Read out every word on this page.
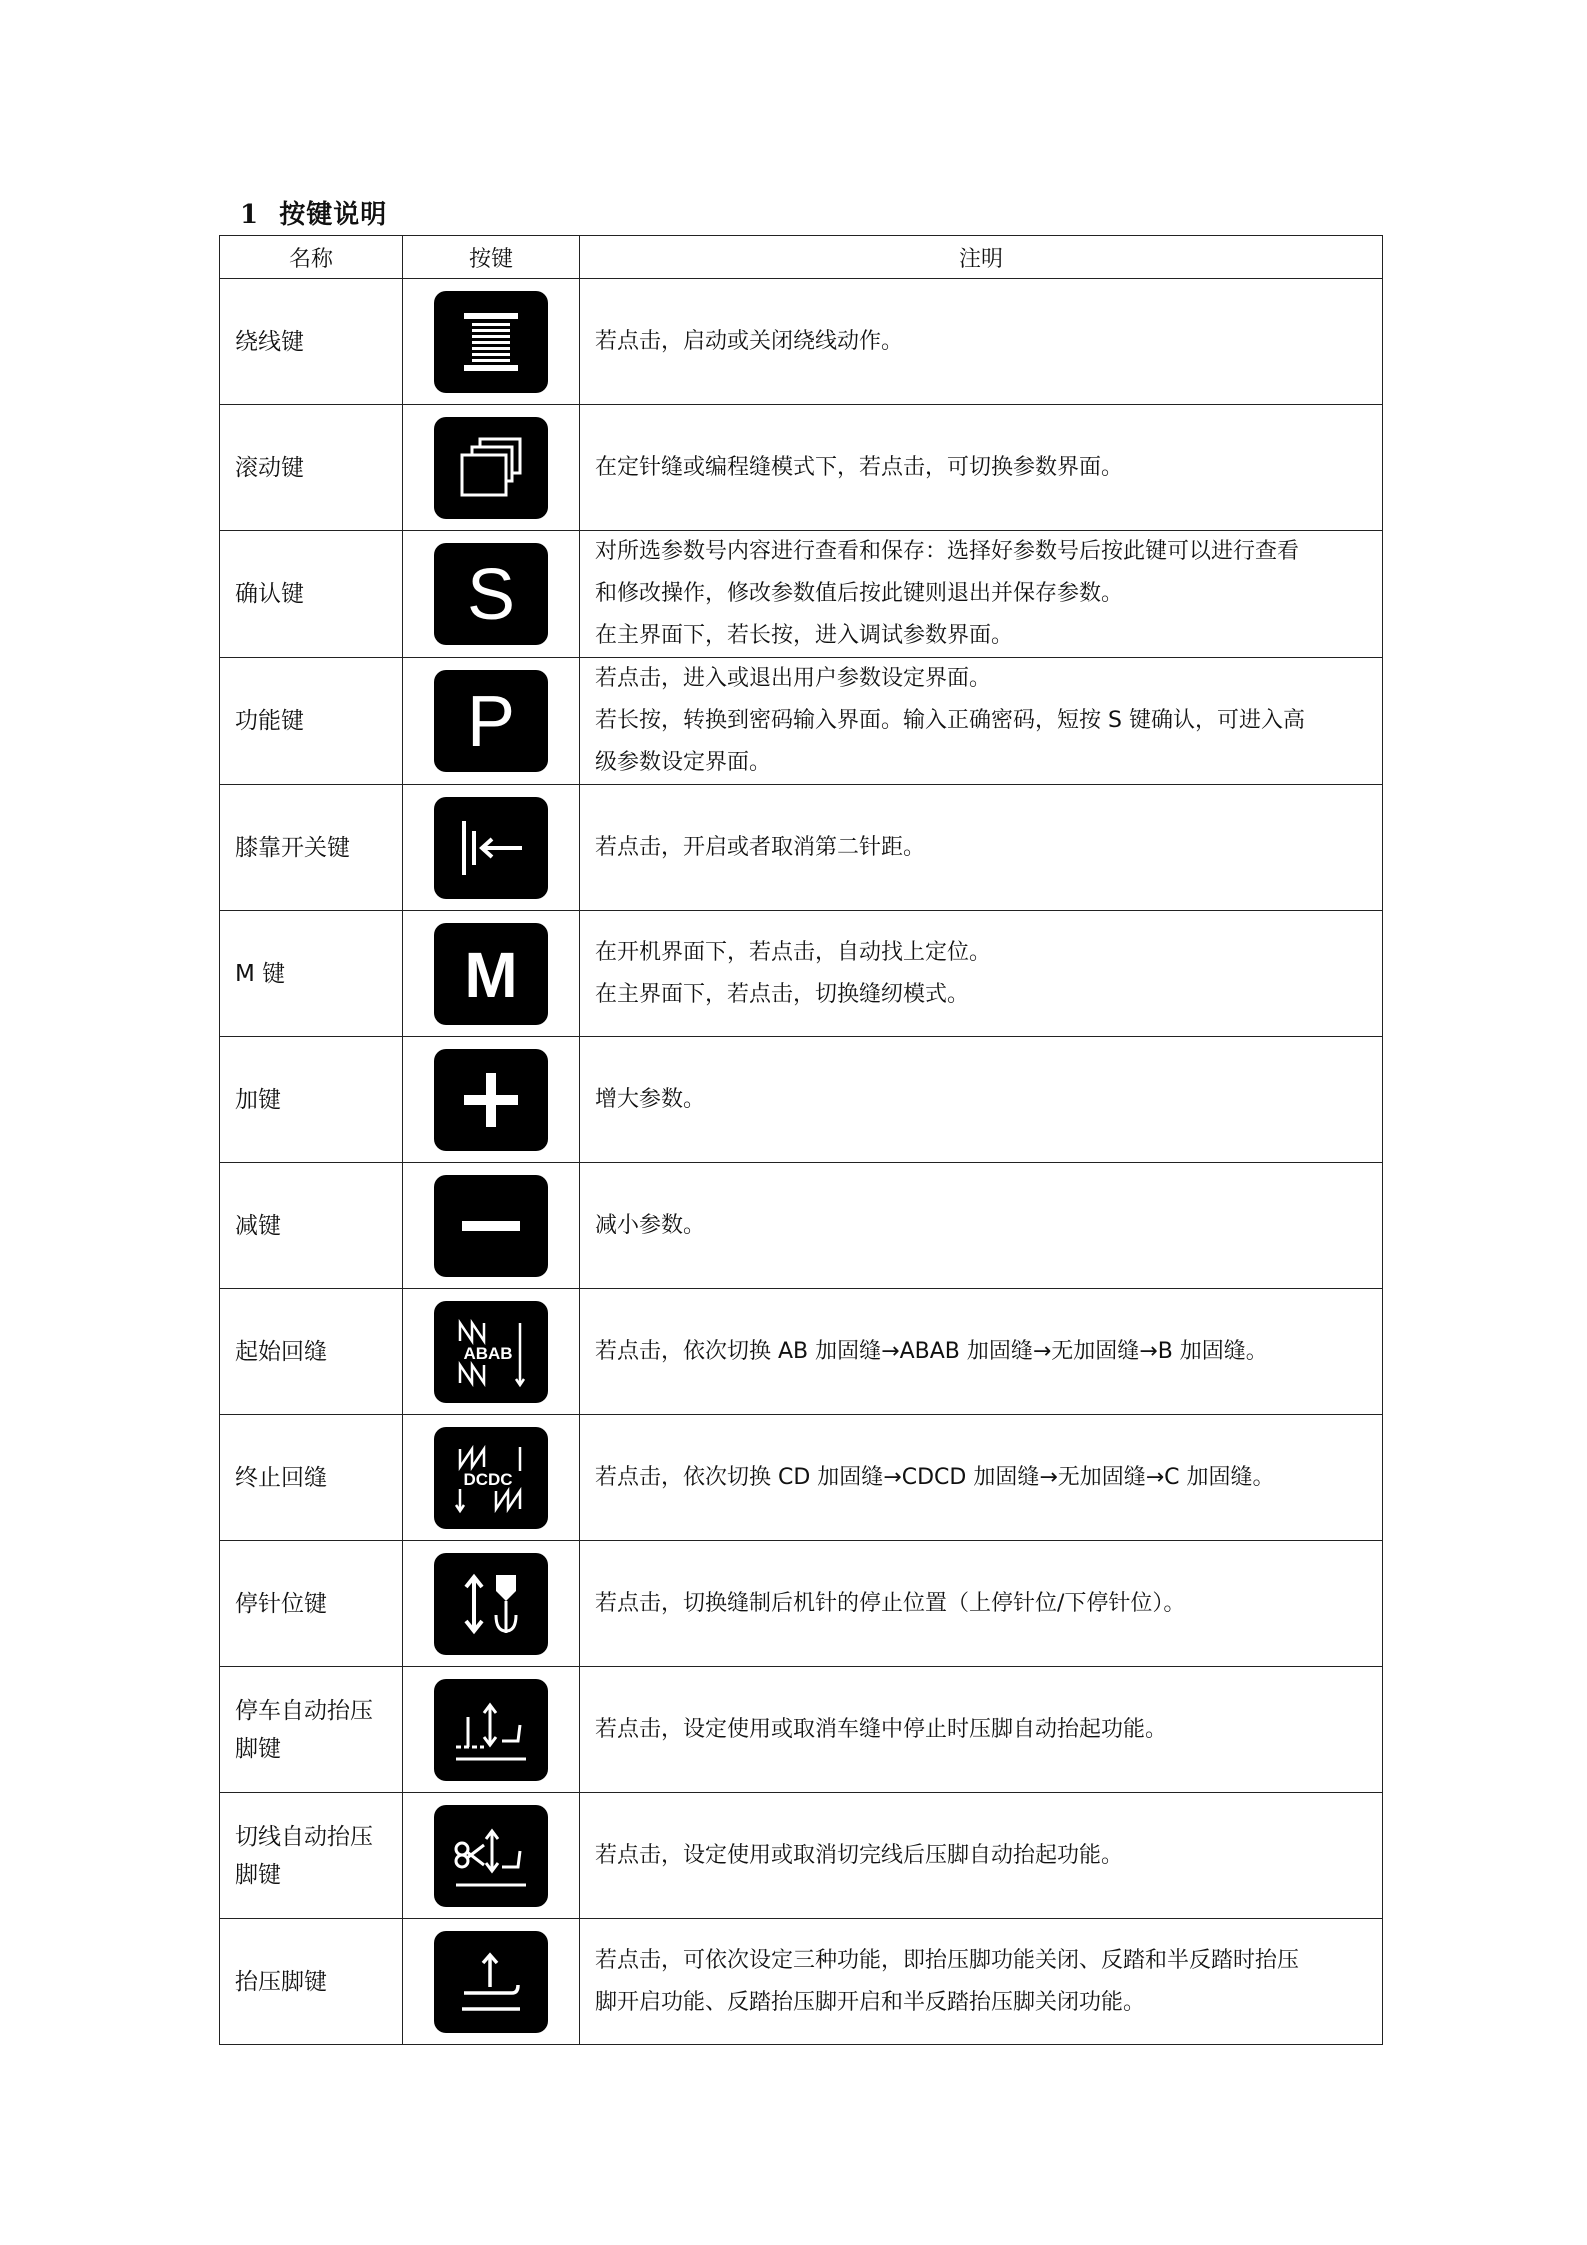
1 按键说明
名称	按键	注明
绕线键		若点击，启动或关闭绕线动作。

滚动键		在定针缝或编程缝模式下，若点击，可切换参数界面。

确认键	S	对所选参数号内容进行查看和保存：选择好参数号后按此键可以进行查看
和修改操作，修改参数值后按此键则退出并保存参数。
在主界面下，若长按，进入调试参数界面。

功能键	P	若点击，进入或退出用户参数设定界面。
若长按，转换到密码输入界面。输入正确密码，短按 S 键确认，可进入高
级参数设定界面。

膝靠开关键		若点击，开启或者取消第二针距。

M 键	M	在开机界面下，若点击，自动找上定位。
在主界面下，若点击，切换缝纫模式。

加键		增大参数。

减键		减小参数。

起始回缝	ABAB	若点击，依次切换 AB 加固缝→ABAB 加固缝→无加固缝→B 加固缝。

终止回缝	DCDC	若点击，依次切换 CD 加固缝→CDCD 加固缝→无加固缝→C 加固缝。

停针位键		若点击，切换缝制后机针的停止位置（上停针位/下停针位）。

停车自动抬压
脚键		若点击，设定使用或取消车缝中停止时压脚自动抬起功能。

切线自动抬压
脚键		若点击，设定使用或取消切完线后压脚自动抬起功能。

抬压脚键		若点击，可依次设定三种功能，即抬压脚功能关闭、反踏和半反踏时抬压
脚开启功能、反踏抬压脚开启和半反踏抬压脚关闭功能。
